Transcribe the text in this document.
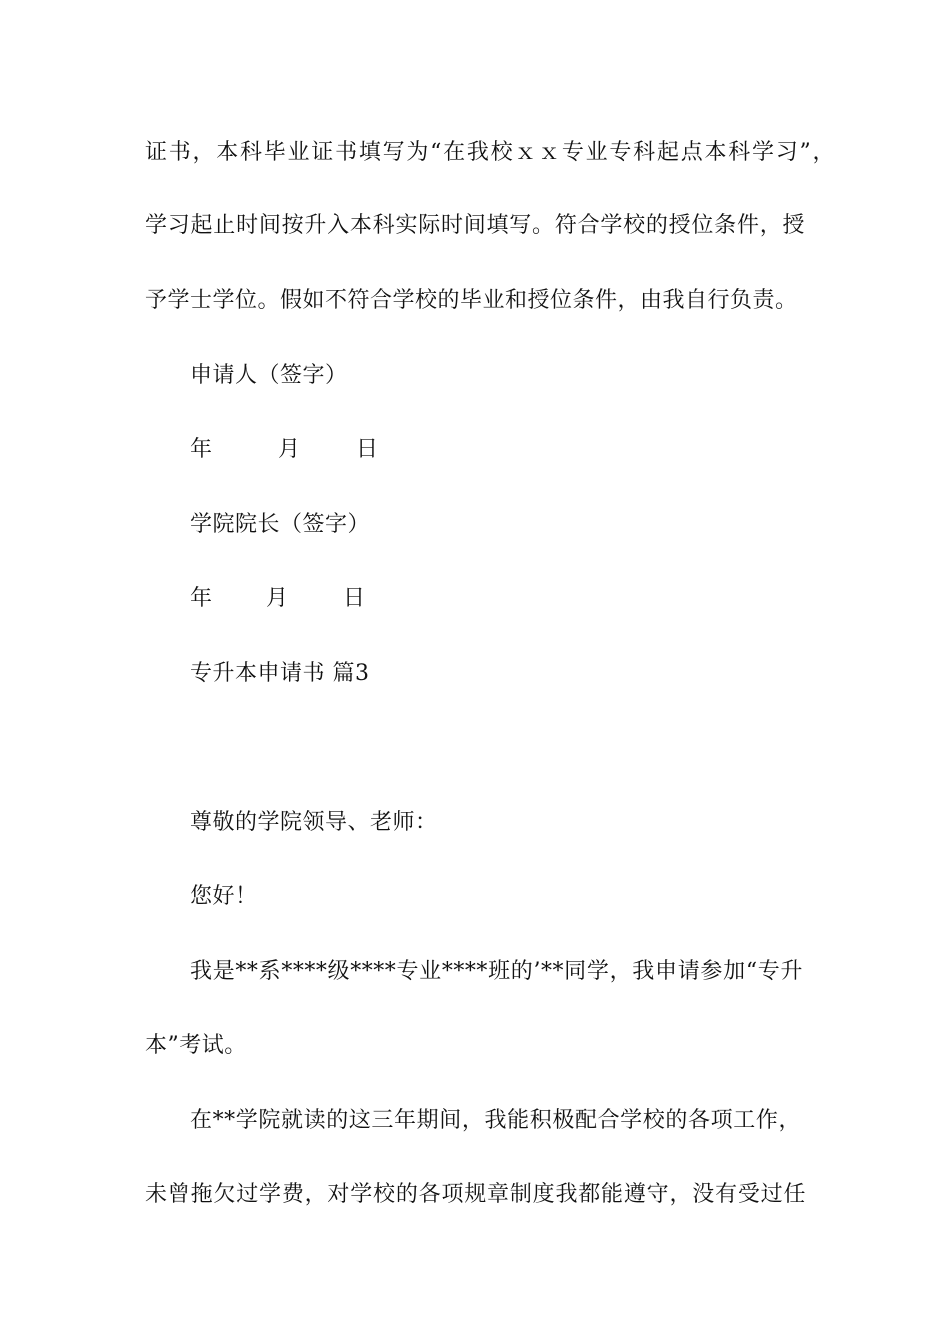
证书，本科毕业证书填写为“在我校ｘｘ专业专科起点本科学习”，
学习起止时间按升入本科实际时间填写。符合学校的授位条件，授
予学士学位。假如不符合学校的毕业和授位条件，由我自行负责。
申请人（签字）
年	月	日
学院院长（签字）
年 月 日
专升本申请书 篇3
尊敬的学院领导、老师：
您好！
我是**系****级****专业****班的’**同学，我申请参加“专升
本”考试。
在**学院就读的这三年期间，我能积极配合学校的各项工作，
未曾拖欠过学费，对学校的各项规章制度我都能遵守，没有受过任
